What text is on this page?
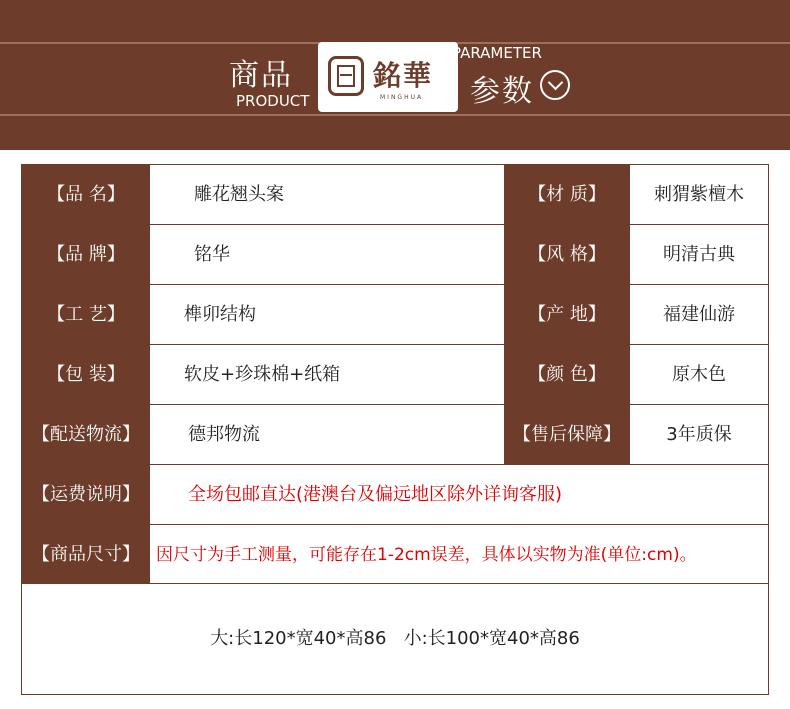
商品
PRODUCT
銘華
MINGHUA
PARAMETER
参数
【品 名】	雕花翘头案	【材 质】	刺猬紫檀木
【品 牌】	铭华	【风 格】	明清古典
【工 艺】	榫卯结构	【产 地】	福建仙游
【包 装】	软皮+珍珠棉+纸箱	【颜 色】	原木色
【配送物流】	德邦物流	【售后保障】	3年质保
【运费说明】	全场包邮直达(港澳台及偏远地区除外详询客服)
【商品尺寸】 因尺寸为手工测量，可能存在1-2cm误差，具体以实物为准(单位:cm)。
大:长120*宽40*高86   小:长100*宽40*高86
